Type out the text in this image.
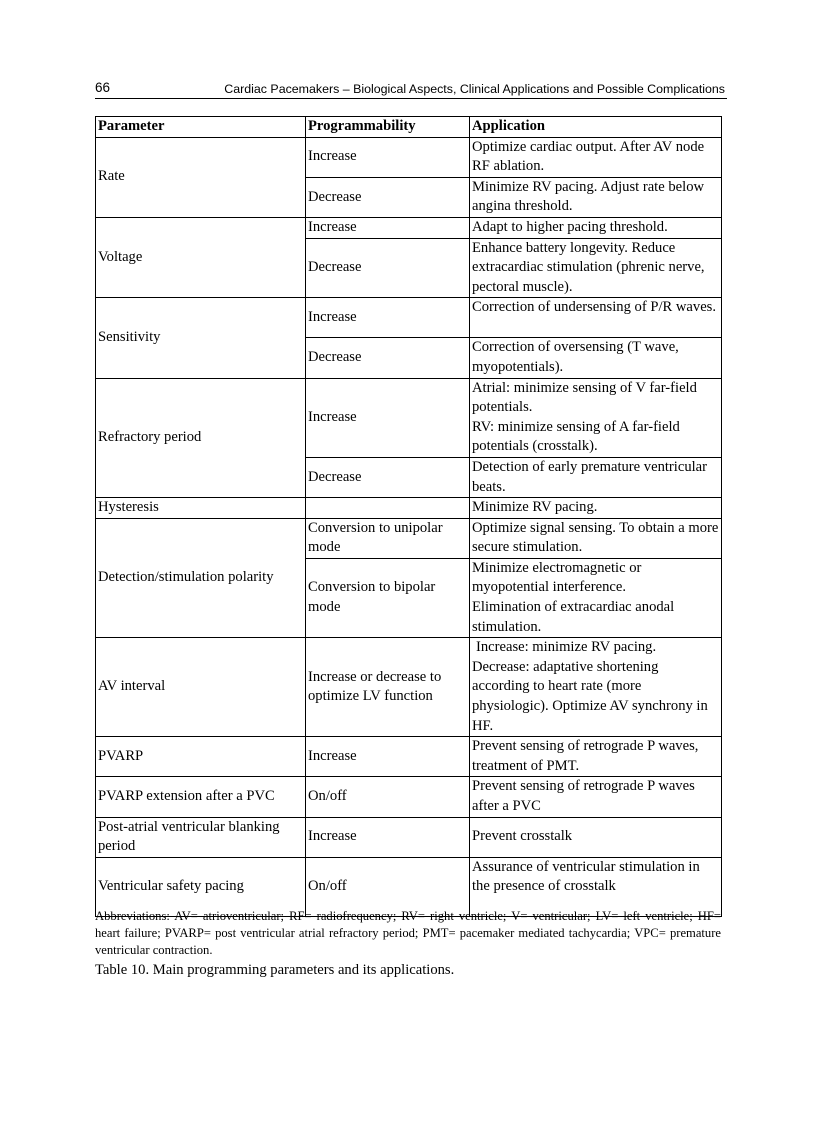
66	Cardiac Pacemakers – Biological Aspects, Clinical Applications and Possible Complications
Parameter	Programmability	Application
Rate	Increase	Optimize cardiac output. After AV node RF ablation.
	Decrease	Minimize RV pacing. Adjust rate below angina threshold.
Voltage	Increase	Adapt to higher pacing threshold.
	Decrease	Enhance battery longevity. Reduce extracardiac stimulation (phrenic nerve, pectoral muscle).
Sensitivity	Increase	Correction of undersensing of P/R waves.
	Decrease	Correction of oversensing (T wave, myopotentials).
Refractory period	Increase	Atrial: minimize sensing of V far-field potentials.
RV: minimize sensing of A far-field potentials (crosstalk).

	Decrease	Detection of early premature ventricular beats.
Hysteresis		Minimize RV pacing.
Detection/stimulation polarity	Conversion to unipolar mode	Optimize signal sensing. To obtain a more secure stimulation.
	Conversion to bipolar mode	Minimize electromagnetic or myopotential interference.
Elimination of extracardiac anodal stimulation.

AV interval	Increase or decrease to optimize LV function	Increase: minimize RV pacing.
Decrease: adaptative shortening according to heart rate (more physiologic). Optimize AV synchrony in HF.

PVARP	Increase	Prevent sensing of retrograde P waves, treatment of PMT.
PVARP extension after a PVC	On/off	Prevent sensing of retrograde P waves after a PVC
Post-atrial ventricular blanking period	Increase	Prevent crosstalk
Ventricular safety pacing	On/off	Assurance of ventricular stimulation in the presence of crosstalk

Abbreviations: AV= atrioventricular; RF= radiofrequency; RV= right ventricle; V= ventricular; LV= left ventricle; HF= heart failure; PVARP= post ventricular atrial refractory period; PMT= pacemaker mediated tachycardia; VPC= premature ventricular contraction.

Table 10. Main programming parameters and its applications.
